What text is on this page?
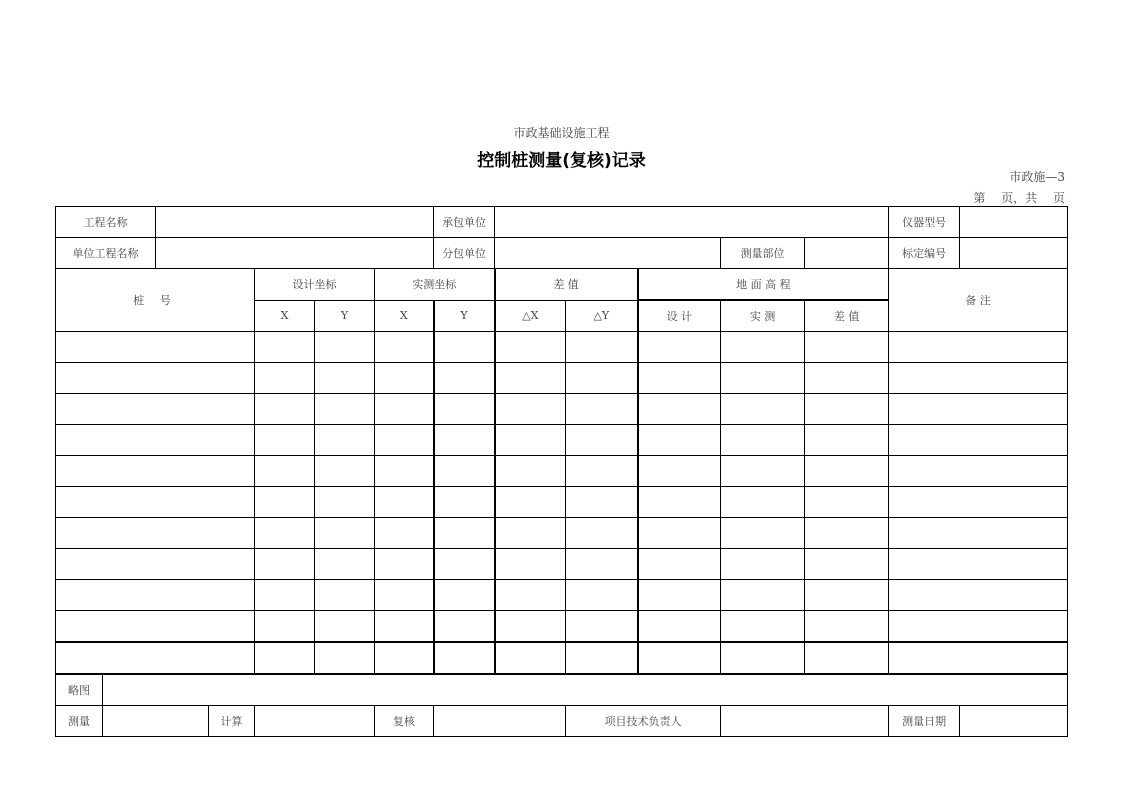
市政基础设施工程
控制桩测量(复核)记录
市政施—3
第 页，共 页
工程名称							承包单位						仪器型号	
单位工程名称							分包单位				测量部位		标定编号	
桩 号				设计坐标		实测坐标		差 值		地 面 高 程			备 注	
				X	Y	X	Y	△X	△Y	设 计	实 测	差 值		

略图														
测量			计算			复核			项目技术负责人				测量日期	
